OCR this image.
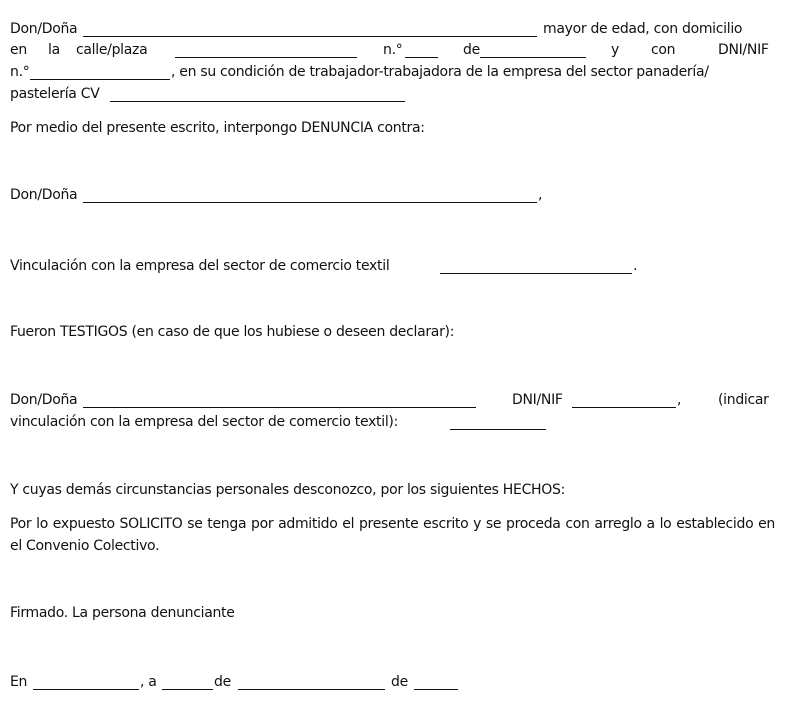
Don/Doña	mayor de edad, con domicilio
en la calle/plaza	n.°	de	y con	DNI/NIF
n.°	, en su condición de trabajador-trabajadora de la empresa del sector panadería/
pastelería CV
Por medio del presente escrito, interpongo DENUNCIA contra:
Don/Doña	,
Vinculación con la empresa del sector de comercio textil	.
Fueron TESTIGOS (en caso de que los hubiese o deseen declarar):
Don/Doña	DNI/NIF	,	(indicar
vinculación con la empresa del sector de comercio textil):
Y cuyas demás circunstancias personales desconozco, por los siguientes HECHOS:
Por lo expuesto SOLICITO se tenga por admitido el presente escrito y se proceda con arreglo a lo establecido en el Convenio Colectivo.
Firmado. La persona denunciante
En	, a	de	de
